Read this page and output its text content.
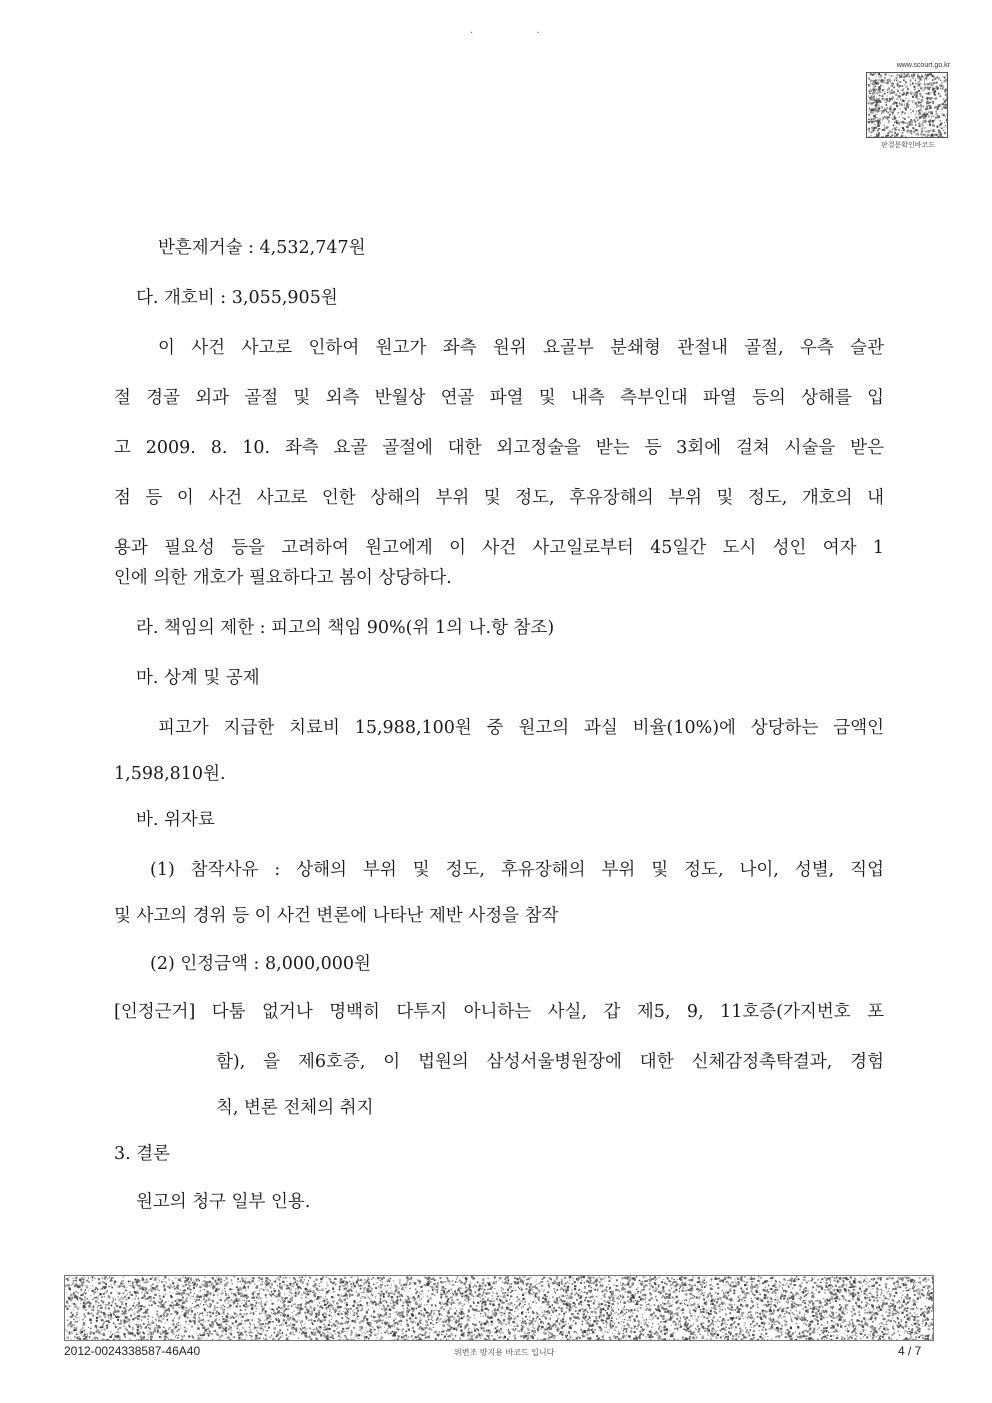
· ·
www.scourt.go.kr
판결문확인바코드
반흔제거술 : 4,532,747원
다. 개호비 : 3,055,905원
이 사건 사고로 인하여 원고가 좌측 원위 요골부 분쇄형 관절내 골절, 우측 슬관
절 경골 외과 골절 및 외측 반월상 연골 파열 및 내측 측부인대 파열 등의 상해를 입
고 2009. 8. 10. 좌측 요골 골절에 대한 외고정술을 받는 등 3회에 걸쳐 시술을 받은
점 등 이 사건 사고로 인한 상해의 부위 및 정도, 후유장해의 부위 및 정도, 개호의 내
용과 필요성 등을 고려하여 원고에게 이 사건 사고일로부터 45일간 도시 성인 여자 1
인에 의한 개호가 필요하다고 봄이 상당하다.
라. 책임의 제한 : 피고의 책임 90%(위 1의 나.항 참조)
마. 상계 및 공제
피고가 지급한 치료비 15,988,100원 중 원고의 과실 비율(10%)에 상당하는 금액인
1,598,810원.
바. 위자료
(1) 참작사유 : 상해의 부위 및 정도, 후유장해의 부위 및 정도, 나이, 성별, 직업
및 사고의 경위 등 이 사건 변론에 나타난 제반 사정을 참작
(2) 인정금액 : 8,000,000원
[인정근거] 다툼 없거나 명백히 다투지 아니하는 사실, 갑 제5, 9, 11호증(가지번호 포
함), 을 제6호증, 이 법원의 삼성서울병원장에 대한 신체감정촉탁결과, 경험
칙, 변론 전체의 취지
3. 결론
원고의 청구 일부 인용.
2012-0024338587-46A40	위변조 방지용 바코드 입니다	4 / 7
